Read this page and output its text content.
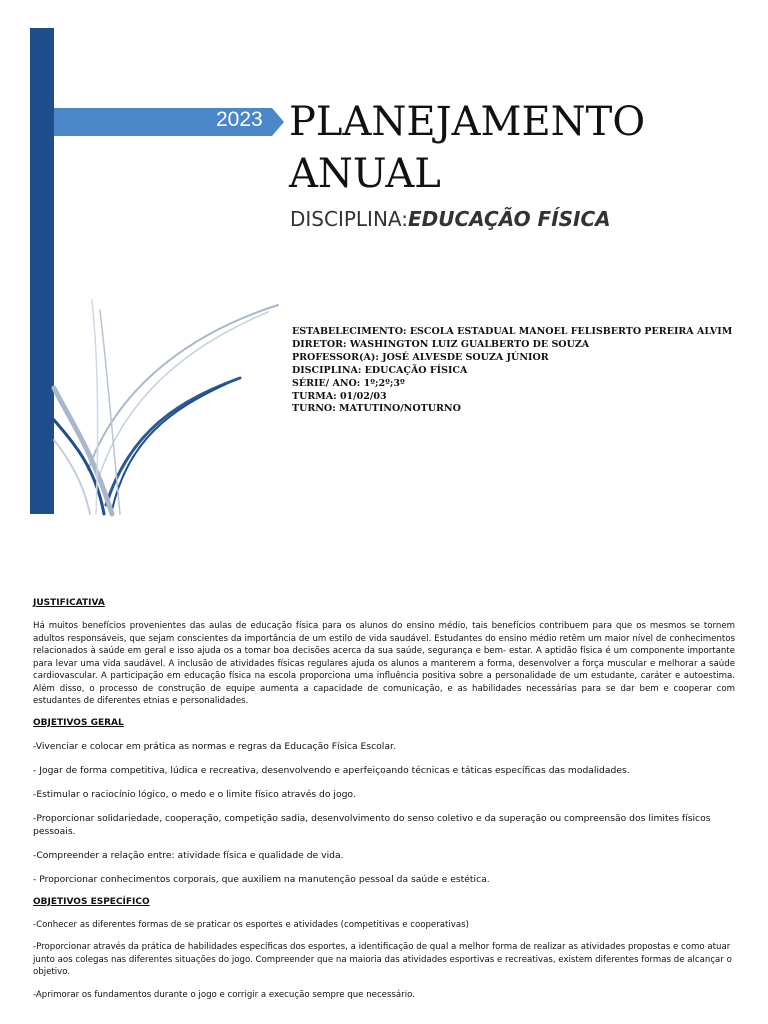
2023 PLANEJAMENTO
ANUAL
DISCIPLINA:EDUCAÇÃO FÍSICA
ESTABELECIMENTO: ESCOLA ESTADUAL MANOEL FELISBERTO PEREIRA ALVIM
DIRETOR: WASHINGTON LUIZ GUALBERTO DE SOUZA
PROFESSOR(A): JOSÉ ALVESDE SOUZA JÚNIOR
DISCIPLINA: EDUCAÇÃO FÍSICA
SÉRIE/ ANO: 1º;2º;3º
TURMA: 01/02/03
TURNO: MATUTINO/NOTURNO
JUSTIFICATIVA

Há muitos benefícios provenientes das aulas de educação física para os alunos do ensino médio, tais benefícios contribuem para que os mesmos se tornem adultos responsáveis, que sejam conscientes da importância de um estilo de vida saudável. Estudantes do ensino médio retêm um maior nível de conhecimentos relacionados à saúde em geral e isso ajuda os a tomar boa decisões acerca da sua saúde, segurança e bem- estar. A aptidão física é um componente importante para levar uma vida saudável. A inclusão de atividades físicas regulares ajuda os alunos a manterem a forma, desenvolver a força muscular e melhorar a saúde cardiovascular. A participação em educação física na escola proporciona uma influência positiva sobre a personalidade de um estudante, caráter e autoestima. Além disso, o processo de construção de equipe aumenta a capacidade de comunicação, e as habilidades necessárias para se dar bem e cooperar com estudantes de diferentes etnias e personalidades.

OBJETIVOS GERAL
-Vivenciar e colocar em prática as normas e regras da Educação Física Escolar.
- Jogar de forma competitiva, lúdica e recreativa, desenvolvendo e aperfeiçoando técnicas e táticas específicas das modalidades.
-Estimular o raciocínio lógico, o medo e o limite físico através do jogo.
-Proporcionar solidariedade, cooperação, competição sadia, desenvolvimento do senso coletivo e da superação ou compreensão dos limites físicos pessoais.
-Compreender a relação entre: atividade física e qualidade de vida.
- Proporcionar conhecimentos corporais, que auxiliem na manutenção pessoal da saúde e estética.
OBJETIVOS ESPECÍFICO
-Conhecer as diferentes formas de se praticar os esportes e atividades (competitivas e cooperativas)
-Proporcionar através da prática de habilidades específicas dos esportes, a identificação de qual a melhor forma de realizar as atividades propostas e como atuar junto aos colegas nas diferentes situações do jogo. Compreender que na maioria das atividades esportivas e recreativas, existem diferentes formas de alcançar o objetivo.
-Aprimorar os fundamentos durante o jogo e corrigir a execução sempre que necessário.
